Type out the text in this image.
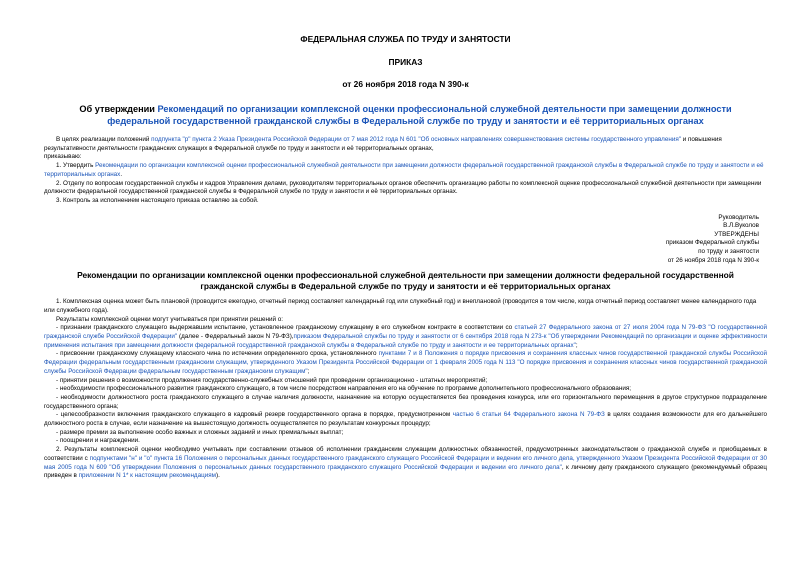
ФЕДЕРАЛЬНАЯ СЛУЖБА ПО ТРУДУ И ЗАНЯТОСТИ
ПРИКАЗ
от 26 ноября 2018 года N 390-к
Об утверждении Рекомендаций по организации комплексной оценки профессиональной служебной деятельности при замещении должности федеральной государственной гражданской службы в Федеральной службе по труду и занятости и её территориальных органах

В целях реализации положений подпункта "р" пункта 2 Указа Президента Российской Федерации от 7 мая 2012 года N 601 "Об основных направлениях совершенствования системы государственного управления" и повышения результативности деятельности гражданских служащих в Федеральной службе по труду и занятости и её территориальных органах,

приказываю:

1. Утвердить Рекомендации по организации комплексной оценки профессиональной служебной деятельности при замещении должности федеральной государственной гражданской службы в Федеральной службе по труду и занятости и её территориальных органах.

2. Отделу по вопросам государственной службы и кадров Управления делами, руководителям территориальных органов обеспечить организацию работы по комплексной оценке профессиональной служебной деятельности при замещении должности федеральной государственной гражданской службы в Федеральной службе по труду и занятости и её территориальных органах.

3. Контроль за исполнением настоящего приказа оставляю за собой.

Руководитель
В.Л.Вуколов
УТВЕРЖДЕНЫ
приказом Федеральной службы
по труду и занятости
от 26 ноября 2018 года N 390-к
Рекомендации по организации комплексной оценки профессиональной служебной деятельности при замещении должности федеральной государственной гражданской службы в Федеральной службе по труду и занятости и её территориальных органах

1. Комплексная оценка может быть плановой (проводится ежегодно, отчетный период составляет календарный год или служебный год) и внеплановой (проводится в том числе, когда отчетный период составляет менее календарного года или служебного года).

Результаты комплексной оценки могут учитываться при принятии решений о:

- признании гражданского служащего выдержавшим испытание, установленное гражданскому служащему в его служебном контракте в соответствии со статьей 27 Федерального закона от 27 июля 2004 года N 79-ФЗ "О государственной гражданской службе Российской Федерации" (далее - Федеральный закон N 79-ФЗ),приказом Федеральной службы по труду и занятости от 6 сентября 2018 года N 273-к "Об утверждении Рекомендаций по организации и оценке эффективности применения испытания при замещении должности федеральной государственной гражданской службы в Федеральной службе по труду и занятости и ее территориальных органах";

- присвоении гражданскому служащему классного чина по истечении определенного срока, установленного пунктами 7 и 8 Положения о порядке присвоения и сохранения классных чинов государственной гражданской службы Российской Федерации федеральным государственным гражданским служащим, утвержденного Указом Президента Российской Федерации от 1 февраля 2005 года N 113 "О порядке присвоения и сохранения классных чинов государственной гражданской службы Российской Федерации федеральным государственным гражданским служащим";

- принятии решения о возможности продолжения государственно-служебных отношений при проведении организационно - штатных мероприятий;

- необходимости профессионального развития гражданского служащего, в том числе посредством направления его на обучение по программе дополнительного профессионального образования;

- необходимости должностного роста гражданского служащего в случае наличия должности, назначение на которую осуществляется без проведения конкурса, или его горизонтального перемещения в другое структурное подразделение государственного органа;

- целесообразности включения гражданского служащего в кадровый резерв государственного органа в порядке, предусмотренном частью 6 статьи 64 Федерального закона N 79-ФЗ в целях создания возможности для его дальнейшего должностного роста в случае, если назначение на вышестоящую должность осуществляется по результатам конкурсных процедур;

- размере премии за выполнение особо важных и сложных заданий и иных премиальных выплат;

- поощрении и награждении.

2. Результаты комплексной оценки необходимо учитывать при составлении отзывов об исполнении гражданским служащим должностных обязанностей, предусмотренных законодательством о гражданской службе и приобщаемых в соответствии с подпунктами "н" и "о" пункта 16 Положения о персональных данных государственного гражданского служащего Российской Федерации и ведении его личного дела, утвержденного Указом Президента Российской Федерации от 30 мая 2005 года N 609 "Об утверждении Положения о персональных данных государственного гражданского служащего Российской Федерации и ведении его личного дела", к личному делу гражданского служащего (рекомендуемый образец приведен в приложении N 1* к настоящим рекомендациям).
